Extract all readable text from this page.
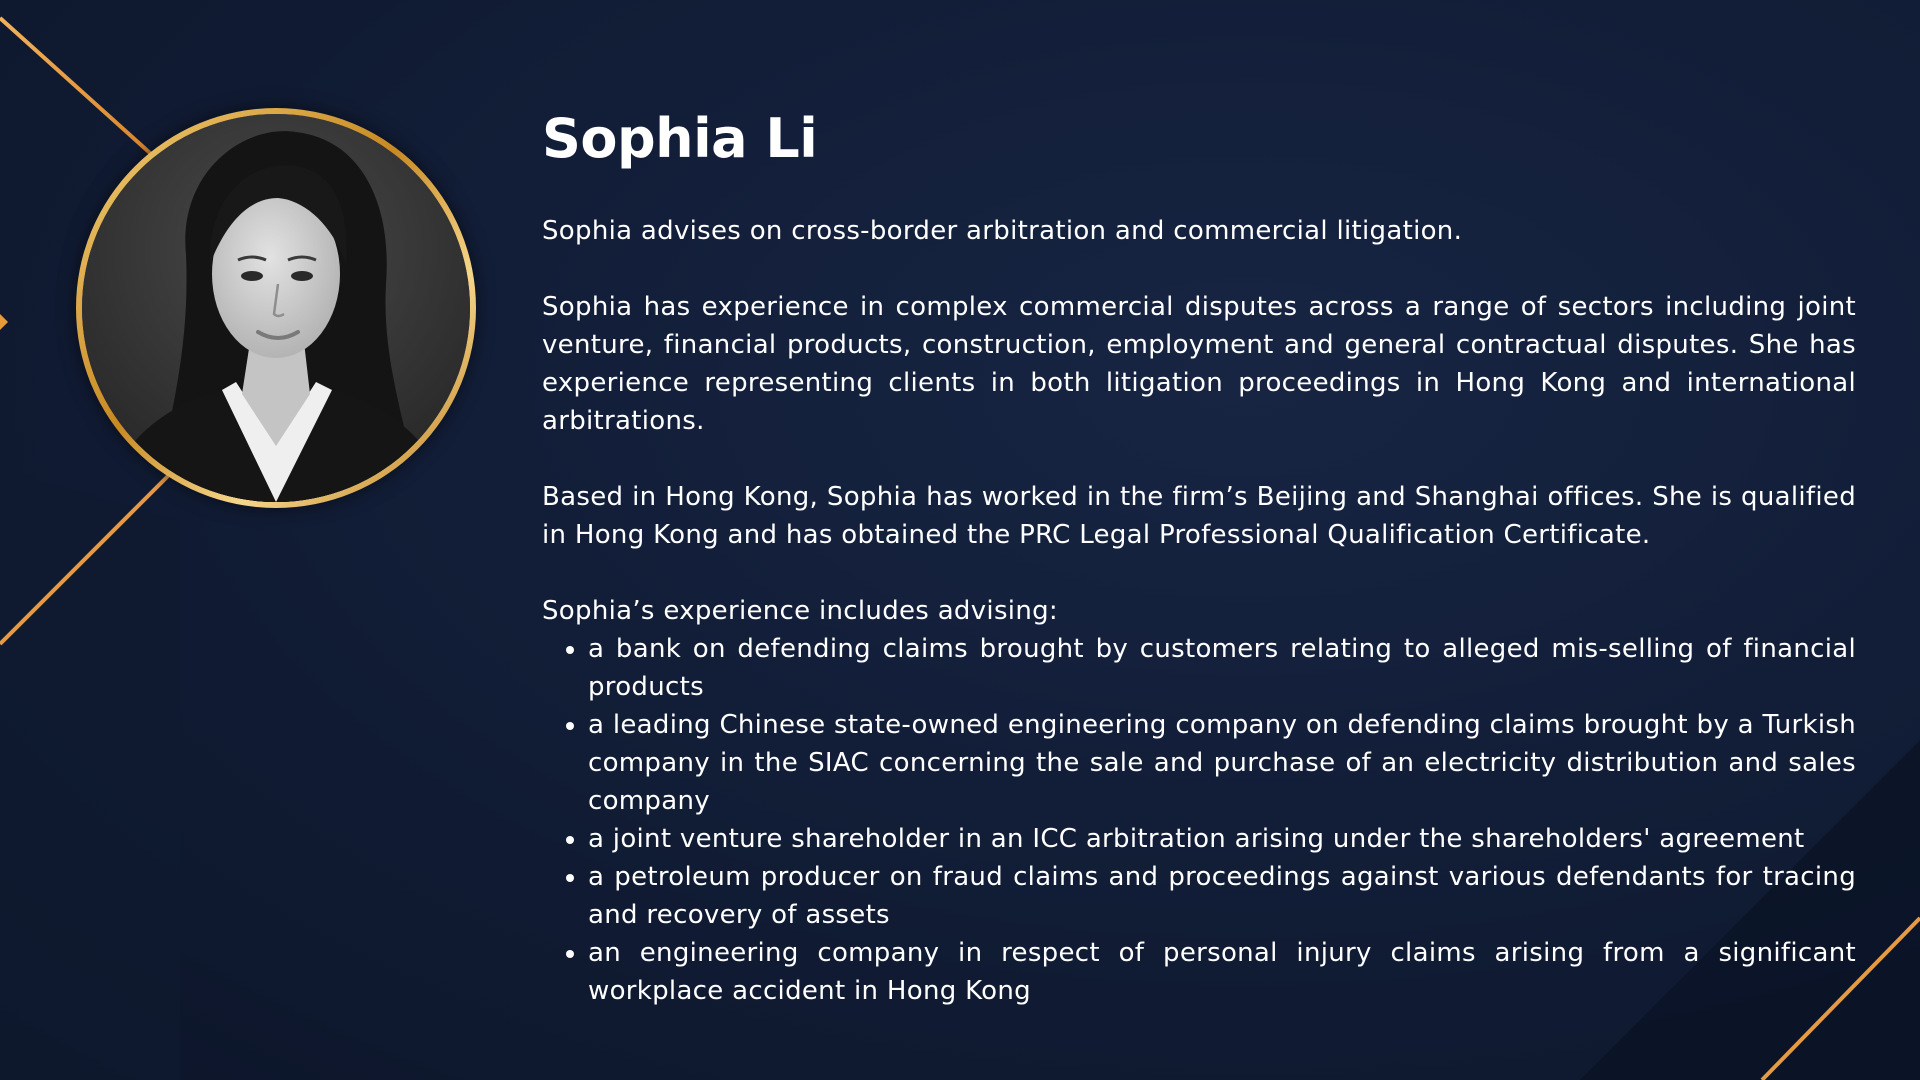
Sophia Li

Sophia advises on cross-border arbitration and commercial litigation.

Sophia has experience in complex commercial disputes across a range of sectors including joint venture, financial products, construction, employment and general contractual disputes. She has experience representing clients in both litigation proceedings in Hong Kong and international arbitrations.

Based in Hong Kong, Sophia has worked in the firm’s Beijing and Shanghai offices. She is qualified in Hong Kong and has obtained the PRC Legal Professional Qualification Certificate.

Sophia’s experience includes advising:

• a bank on defending claims brought by customers relating to alleged mis-selling of financial products
• a leading Chinese state-owned engineering company on defending claims brought by a Turkish company in the SIAC concerning the sale and purchase of an electricity distribution and sales company
• a joint venture shareholder in an ICC arbitration arising under the shareholders' agreement
• a petroleum producer on fraud claims and proceedings against various defendants for tracing and recovery of assets
• an engineering company in respect of personal injury claims arising from a significant workplace accident in Hong Kong
